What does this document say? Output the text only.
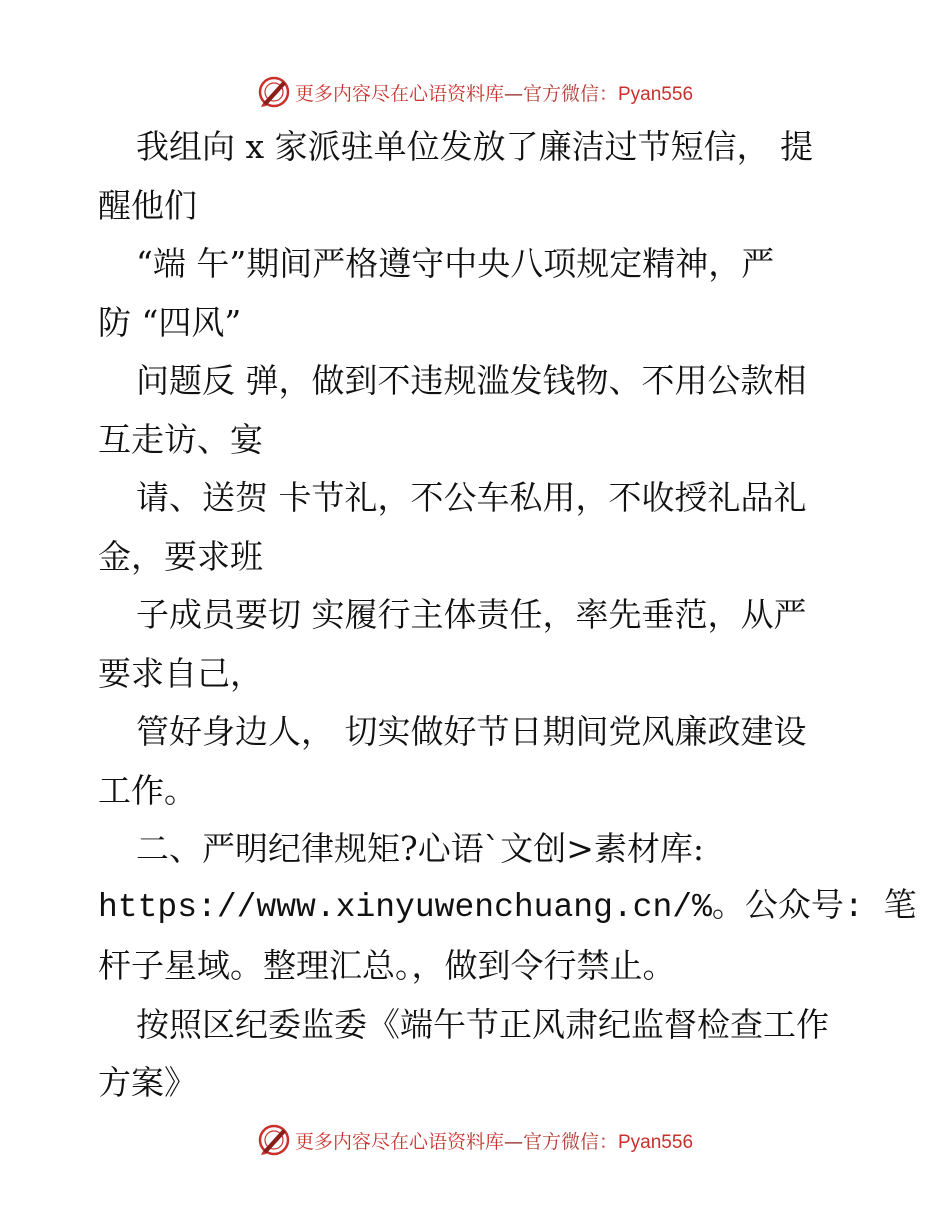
更多内容尽在心语资料库—官方微信：Pyan556
我组向 x 家派驻单位发放了廉洁过节短信， 提
醒他们
“端 午”期间严格遵守中央八项规定精神，严
防 “四风”
问题反 弹，做到不违规滥发钱物、不用公款相
互走访、宴
请、送贺 卡节礼，不公车私用，不收授礼品礼
金，要求班
子成员要切 实履行主体责任，率先垂范，从严
要求自己，
管好身边人， 切实做好节日期间党风廉政建设
工作。
二、严明纪律规矩?心语`文创>素材库:
https://www.xinyuwenchuang.cn/%。公众号: 笔
杆子星域。整理汇总。，做到令行禁止。
按照区纪委监委《端午节正风肃纪监督检查工作
方案》
更多内容尽在心语资料库—官方微信：Pyan556
